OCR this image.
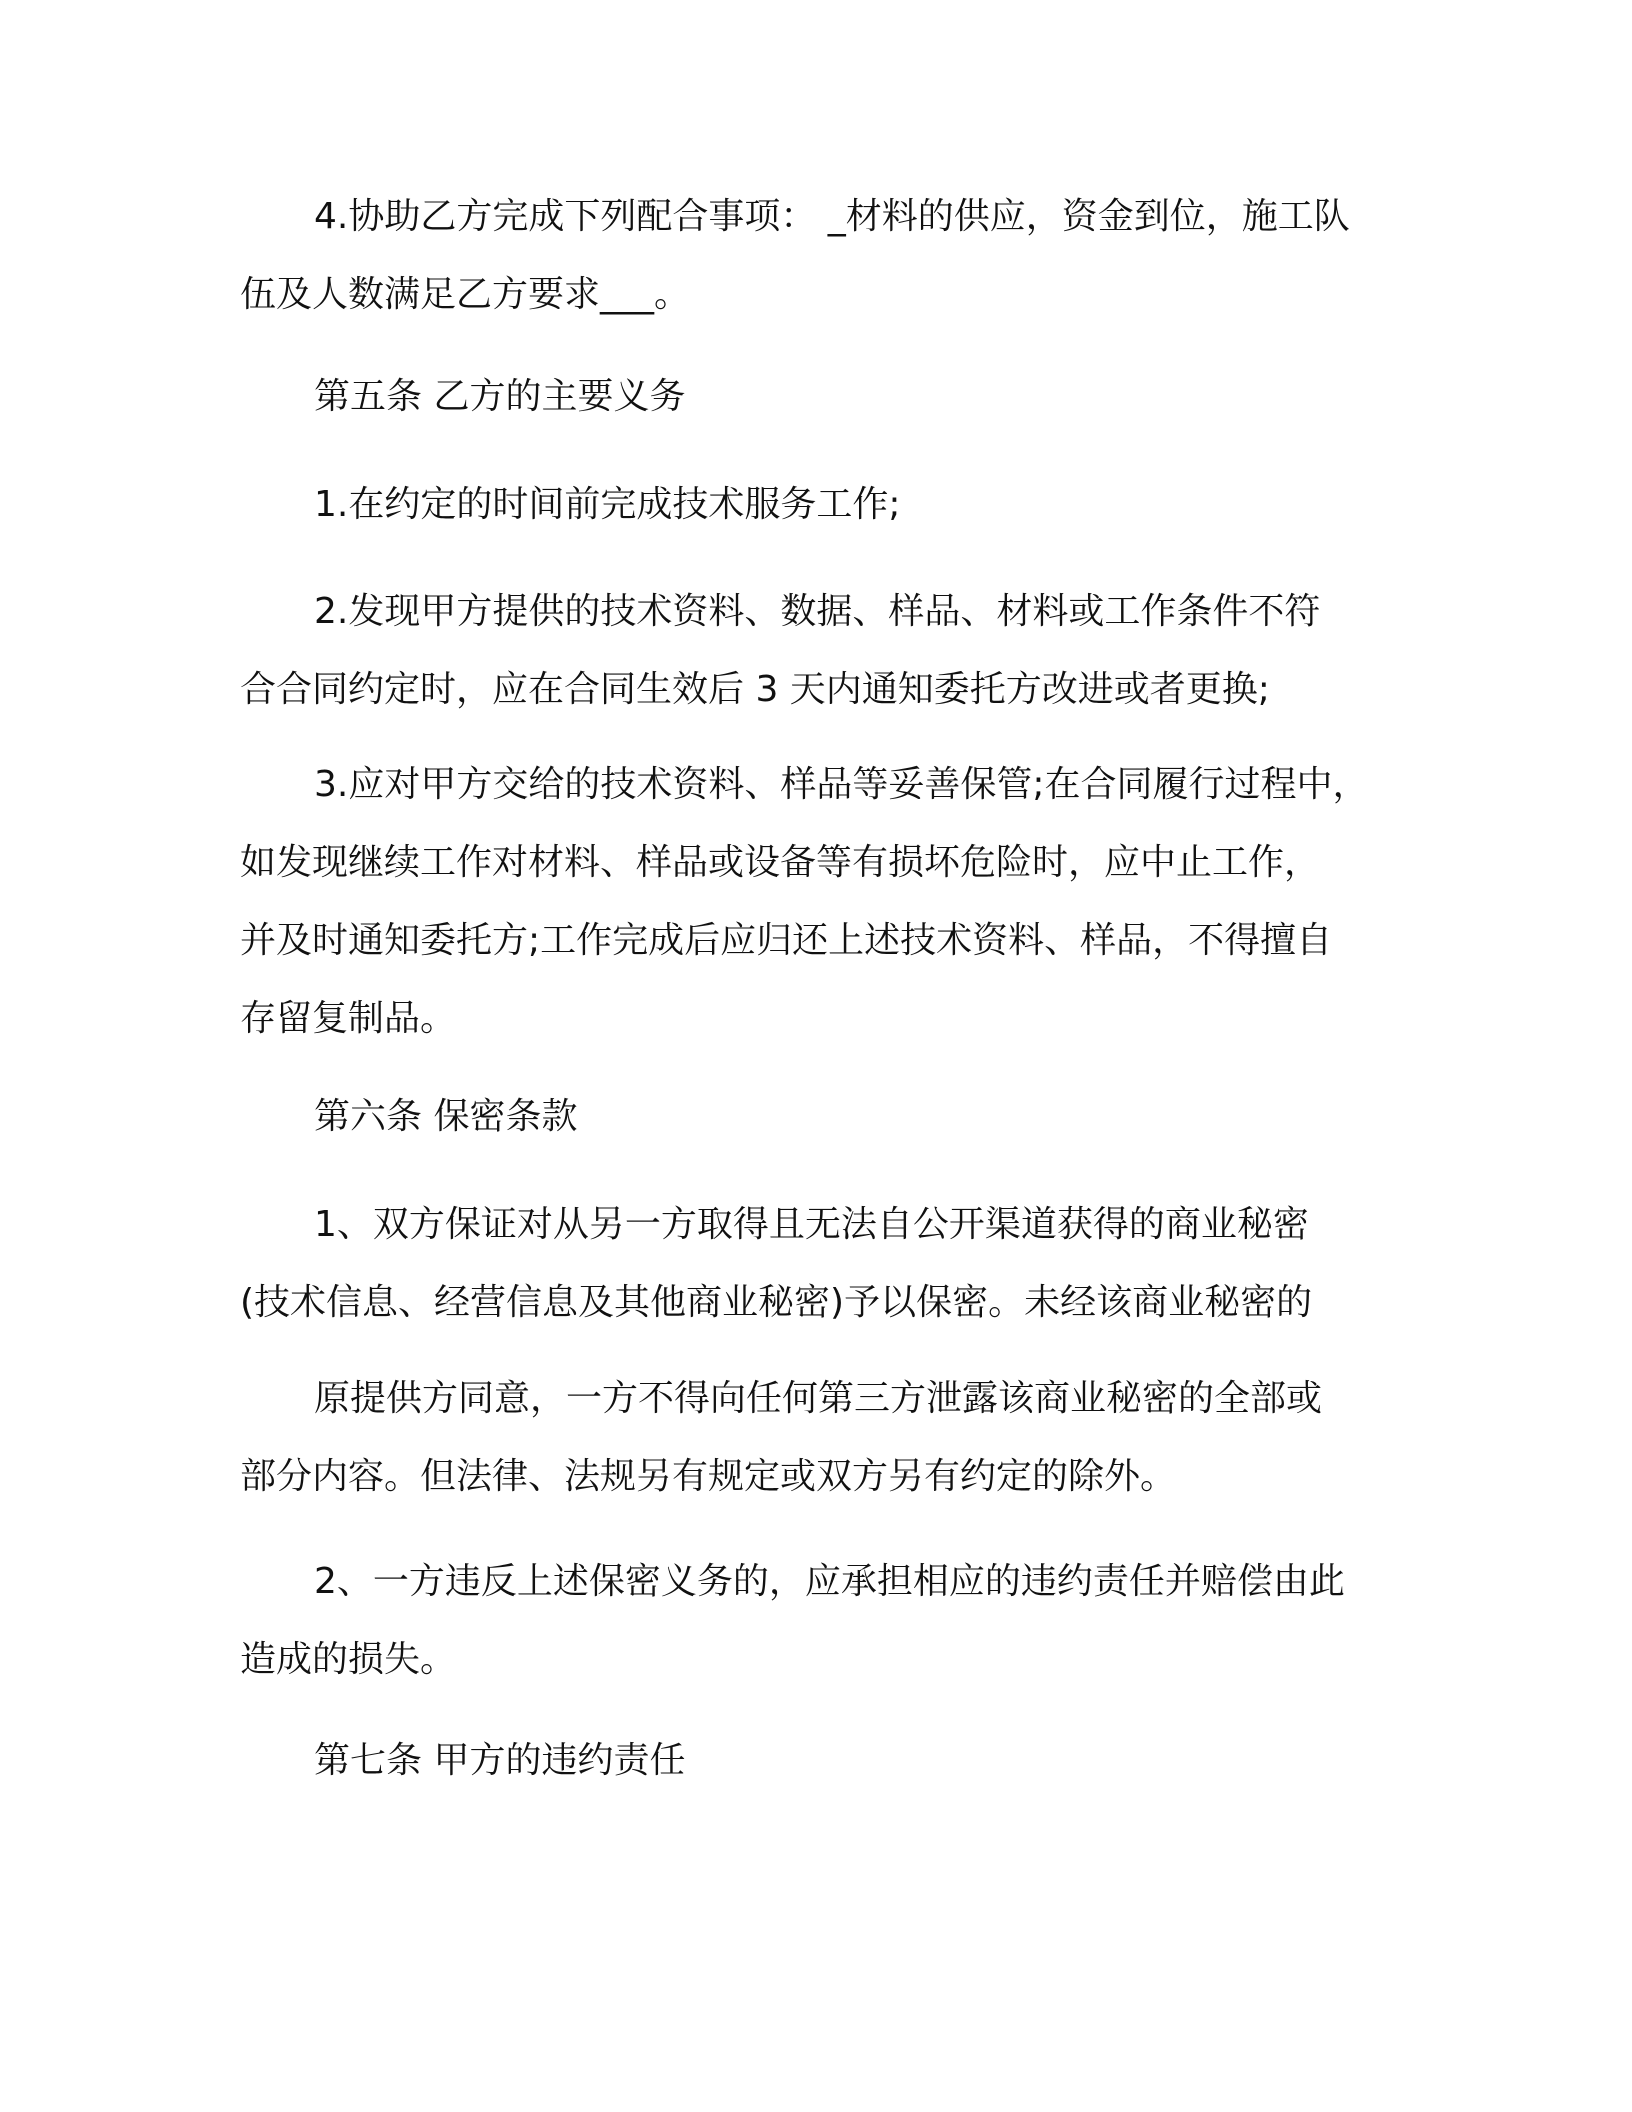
4.协助乙方完成下列配合事项： _材料的供应，资金到位，施工队
伍及人数满足乙方要求___。
第五条 乙方的主要义务
1.在约定的时间前完成技术服务工作;
2.发现甲方提供的技术资料、数据、样品、材料或工作条件不符
合合同约定时，应在合同生效后 3 天内通知委托方改进或者更换;
3.应对甲方交给的技术资料、样品等妥善保管;在合同履行过程中，
如发现继续工作对材料、样品或设备等有损坏危险时，应中止工作，
并及时通知委托方;工作完成后应归还上述技术资料、样品，不得擅自
存留复制品。
第六条 保密条款
1、双方保证对从另一方取得且无法自公开渠道获得的商业秘密
(技术信息、经营信息及其他商业秘密)予以保密。未经该商业秘密的
原提供方同意，一方不得向任何第三方泄露该商业秘密的全部或
部分内容。但法律、法规另有规定或双方另有约定的除外。
2、一方违反上述保密义务的，应承担相应的违约责任并赔偿由此
造成的损失。
第七条 甲方的违约责任
